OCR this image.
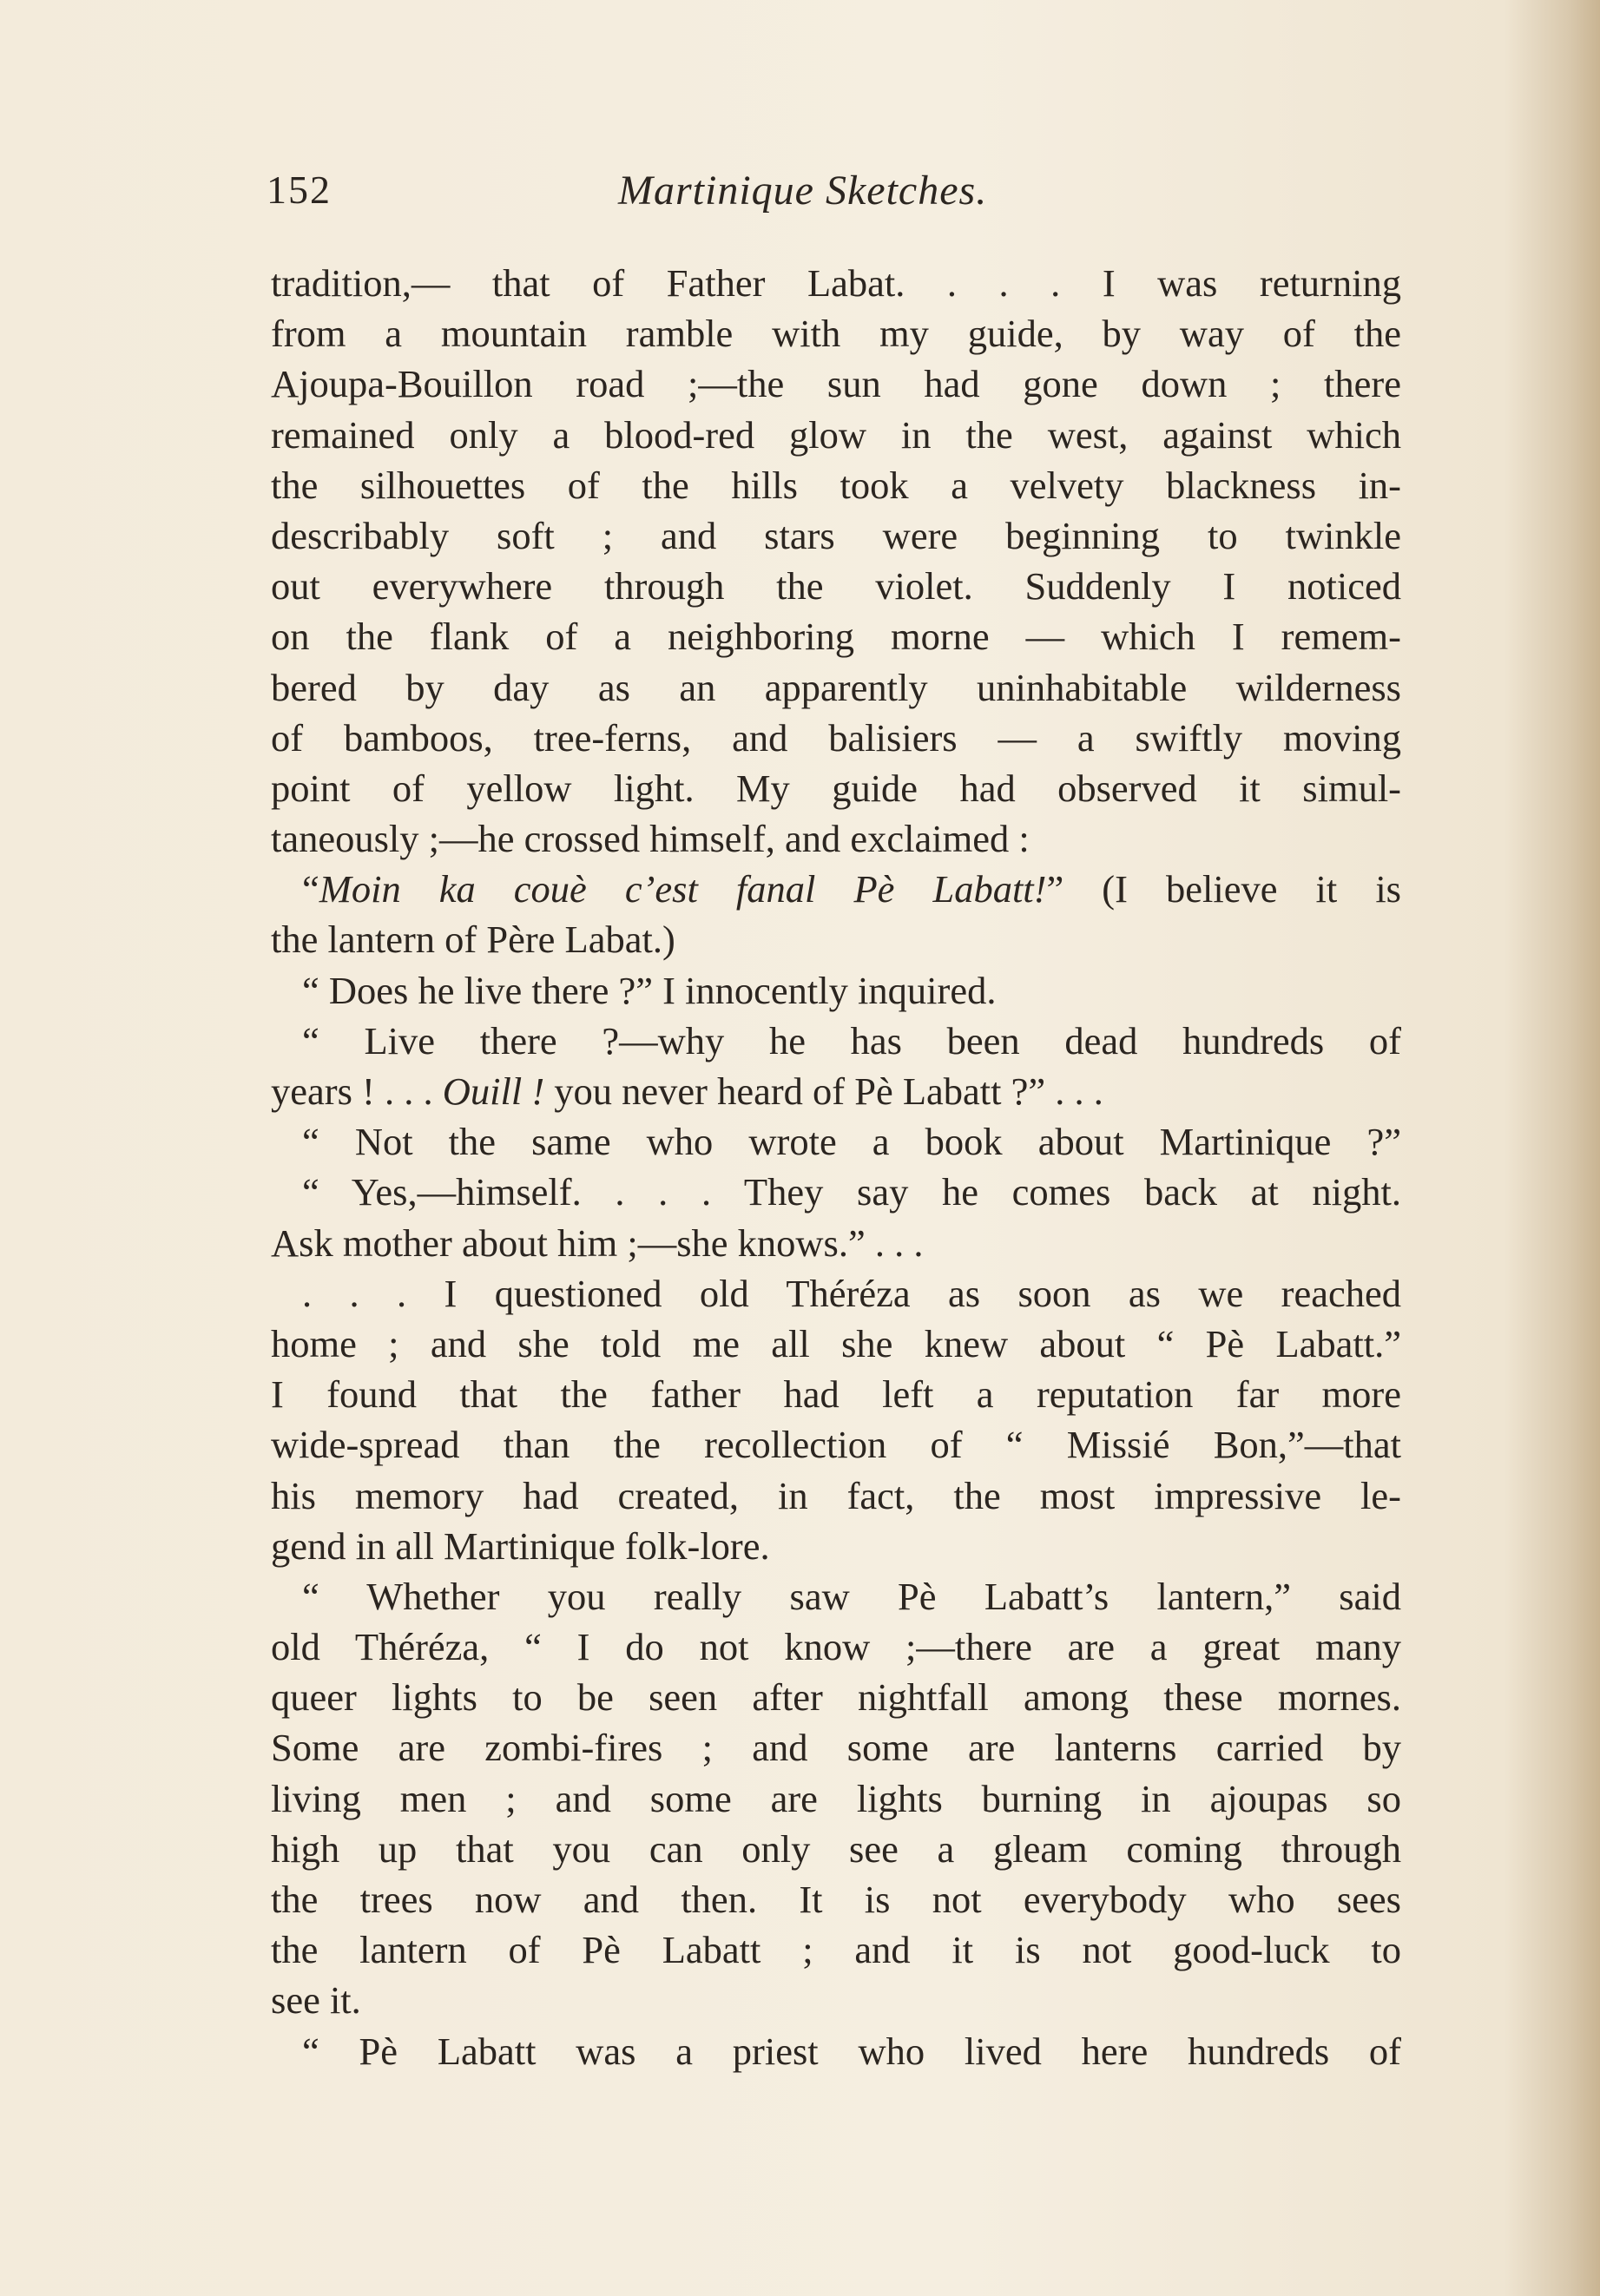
152	Martinique Sketches.
tradition,— that of Father Labat. . . . I was returning
from a mountain ramble with my guide, by way of the
Ajoupa-Bouillon road ;—the sun had gone down ; there
remained only a blood-red glow in the west, against which
the silhouettes of the hills took a velvety blackness in-
describably soft ; and stars were beginning to twinkle
out everywhere through the violet. Suddenly I noticed
on the flank of a neighboring morne — which I remem-
bered by day as an apparently uninhabitable wilderness
of bamboos, tree-ferns, and balisiers — a swiftly moving
point of yellow light. My guide had observed it simul-
taneously ;—he crossed himself, and exclaimed :
“Moin ka couè c’est fanal Pè Labatt!” (I believe it is
the lantern of Père Labat.)
“ Does he live there ?” I innocently inquired.
“ Live there ?—why he has been dead hundreds of
years ! . . . Ouill ! you never heard of Pè Labatt ?” . . .
“ Not the same who wrote a book about Martinique ?”
“ Yes,—himself. . . . They say he comes back at night.
Ask mother about him ;—she knows.” . . .
. . . I questioned old Théréza as soon as we reached
home ; and she told me all she knew about “ Pè Labatt.”
I found that the father had left a reputation far more
wide-spread than the recollection of “ Missié Bon,”—that
his memory had created, in fact, the most impressive le-
gend in all Martinique folk-lore.
“ Whether you really saw Pè Labatt’s lantern,” said
old Théréza, “ I do not know ;—there are a great many
queer lights to be seen after nightfall among these mornes.
Some are zombi-fires ; and some are lanterns carried by
living men ; and some are lights burning in ajoupas so
high up that you can only see a gleam coming through
the trees now and then. It is not everybody who sees
the lantern of Pè Labatt ; and it is not good-luck to
see it.
“ Pè Labatt was a priest who lived here hundreds of
